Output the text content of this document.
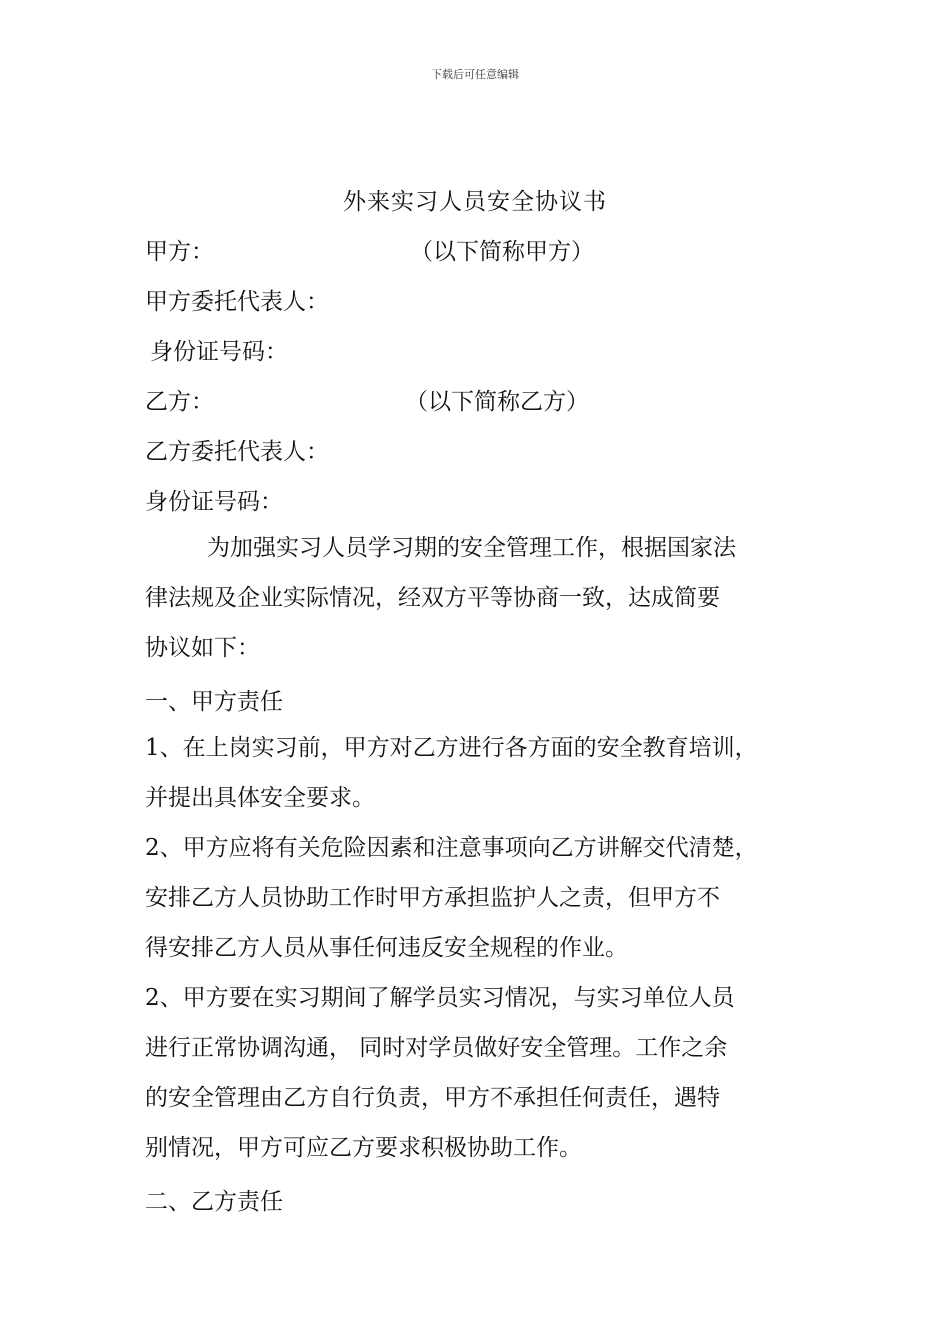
下载后可任意编辑
外来实习人员安全协议书
甲方：	（以下简称甲方）
甲方委托代表人：
身份证号码：
乙方：	（以下简称乙方）
乙方委托代表人：
身份证号码：
为加强实习人员学习期的安全管理工作，根据国家法
律法规及企业实际情况，经双方平等协商一致，达成简要
协议如下：
一、甲方责任
1、在上岗实习前，甲方对乙方进行各方面的安全教育培训，
并提出具体安全要求。
2、甲方应将有关危险因素和注意事项向乙方讲解交代清楚，
安排乙方人员协助工作时甲方承担监护人之责，但甲方不
得安排乙方人员从事任何违反安全规程的作业。
2、甲方要在实习期间了解学员实习情况，与实习单位人员
进行正常协调沟通， 同时对学员做好安全管理。工作之余
的安全管理由乙方自行负责，甲方不承担任何责任，遇特
别情况，甲方可应乙方要求积极协助工作。
二、乙方责任
